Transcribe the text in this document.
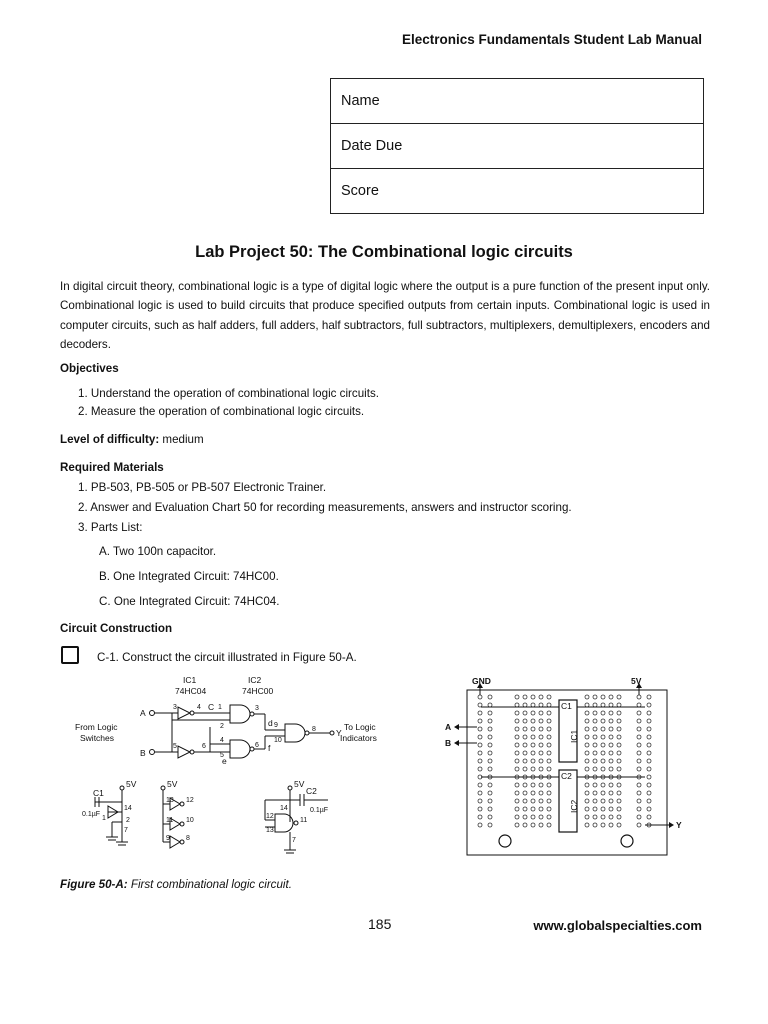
Electronics Fundamentals Student Lab Manual
Name
Date Due
Score
Lab Project 50: The Combinational logic circuits
In digital circuit theory, combinational logic is a type of digital logic where the output is a pure function of the present input only. Combinational logic is used to build circuits that produce specified outputs from certain inputs. Combinational logic is used in computer circuits, such as half adders, full adders, half subtractors, full subtractors, multiplexers, demultiplexers, encoders and decoders.
Objectives
1. Understand the operation of combinational logic circuits.
2. Measure the operation of combinational logic circuits.
Level of difficulty: medium
Required Materials
1. PB-503, PB-505 or PB-507 Electronic Trainer.
2. Answer and Evaluation Chart 50 for recording measurements, answers and instructor scoring.
3. Parts List:
A. Two 100n capacitor.
B. One Integrated Circuit: 74HC00.
C. One Integrated Circuit: 74HC04.
Circuit Construction
C-1. Construct the circuit illustrated in Figure 50-A.
IC1
74HC04
IC2
74HC00
A
B
From Logic
Switches
To Logic
Indicators
Y
C
d
e
f
3	4 1
2
3
9
10
8
4
5
6
5	6
5V	5V	5V
C1
0.1µF
C2
0.1µF
14
2
1
7
13 12
11 10
9 8
12
13
14
11
7
GND	5V
A
B
Y
C1
IC1
C2
IC2
Figure 50-A: First combinational logic circuit.
185	www.globalspecialties.com
